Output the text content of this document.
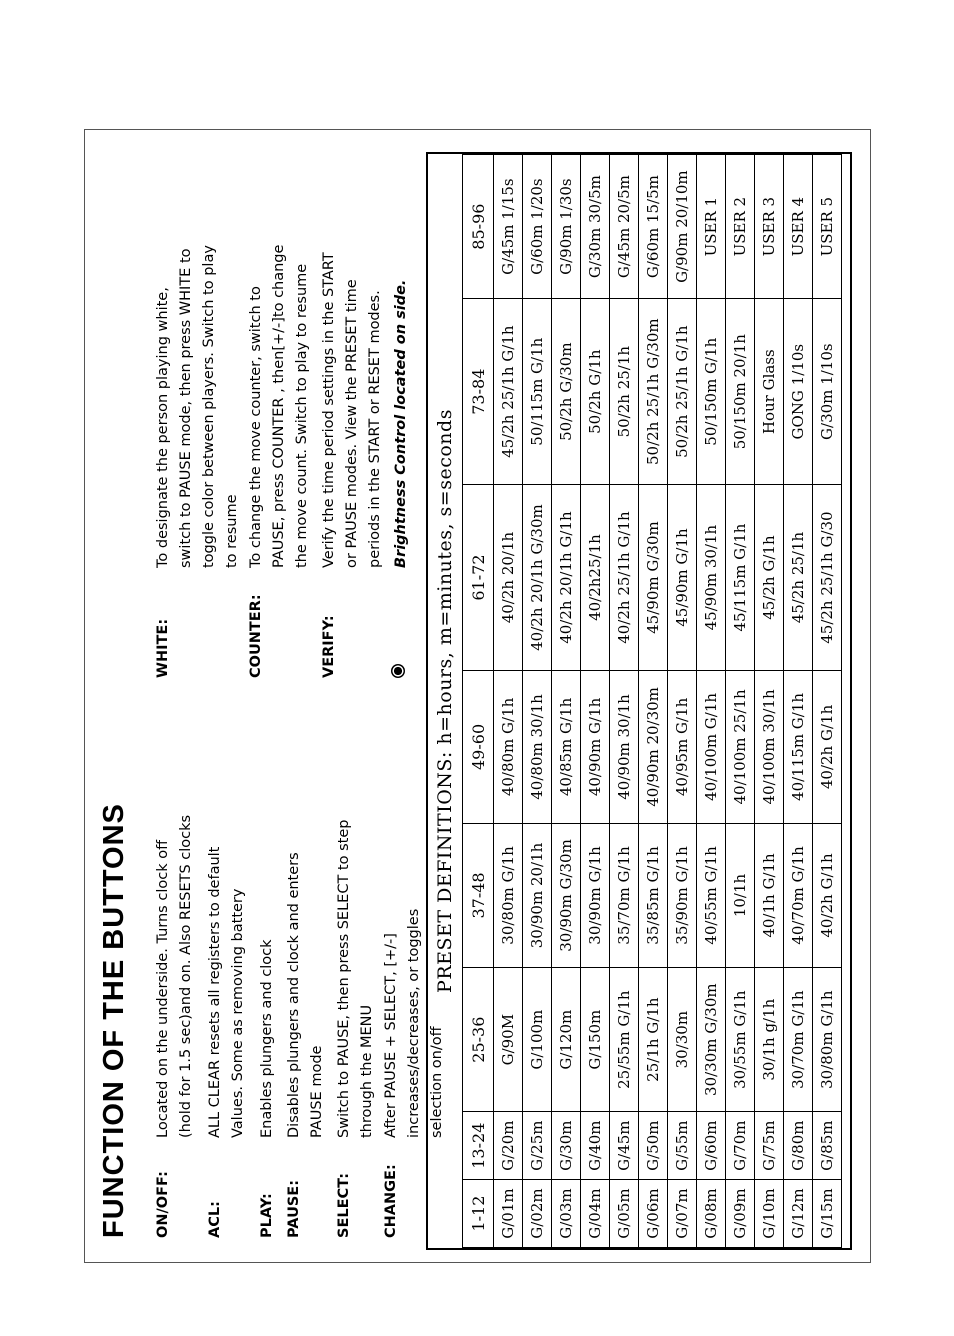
FUNCTION OF THE BUTTONS ON/OFF:
Located on the underside. Turns clock off (hold for 1.5 sec)and on. Also RESETS clocks
ACL:
ALL CLEAR resets all registers to default Values. Some as removing battery
PLAY:
Enables plungers and clock
PAUSE:
Disables plungers and clock and enters PAUSE mode
SELECT:
Switch to PAUSE, then press SELECT to step through the MENU
CHANGE:
After PAUSE + SELECT, [+/-] increases/decreases, or toggles selection on/off
WHITE:
To designate the person playing white, switch to PAUSE mode, then press WHITE to toggle color between players. Switch to play to resume
COUNTER:
To change the move counter, switch to PAUSE, press COUNTER , then[+/-]to change the move count. Switch to play to resume
VERIFY:
Verify the time period settings in the START or PAUSE modes. View the PRESET time periods in the START or RESET modes. Brightness Control located on side.	PRESET DEFINITIONS: h=hours, m=minutes, s=seconds
1-12	13-24	25-36	37-48	49-60	61-72	73-84	85-96
G/01m	G/20m	G/90M	30/80m G/1h	40/80m G/1h	40/2h 20/1h	45/2h 25/1h G/1h	G/45m 1/15s
G/02m	G/25m	G/100m	30/90m 20/1h	40/80m 30/1h	40/2h 20/1h G/30m	50/115m G/1h	G/60m 1/20s
G/03m	G/30m	G/120m	30/90m G/30m	40/85m G/1h	40/2h 20/1h G/1h	50/2h G/30m	G/90m 1/30s
G/04m	G/40m	G/150m	30/90m G/1h	40/90m G/1h	40/2h25/1h	50/2h G/1h	G/30m 30/5m
G/05m	G/45m	25/55m G/1h	35/70m G/1h	40/90m 30/1h	40/2h 25/1h G/1h	50/2h 25/1h	G/45m 20/5m
G/06m	G/50m	25/1h G/1h	35/85m G/1h	40/90m 20/30m	45/90m G/30m	50/2h 25/1h G/30m	G/60m 15/5m
G/07m	G/55m	30/30m	35/90m G/1h	40/95m G/1h	45/90m G/1h	50/2h 25/1h G/1h	G/90m 20/10m
G/08m	G/60m	30/30m G/30m	40/55m G/1h	40/100m G/1h	45/90m 30/1h	50/150m G/1h	USER 1
G/09m	G/70m	30/55m G/1h	10/1h	40/100m 25/1h	45/115m G/1h	50/150m 20/1h	USER 2
G/10m	G/75m	30/1h g/1h	40/1h G/1h	40/100m 30/1h	45/2h G/1h	Hour Glass	USER 3
G/12m	G/80m	30/70m G/1h	40/70m G/1h	40/115m G/1h	45/2h 25/1h	GONG 1/10s	USER 4
G/15m	G/85m	30/80m G/1h	40/2h G/1h	40/2h G/1h	45/2h 25/1h G/30	G/30m 1/10s	USER 5
